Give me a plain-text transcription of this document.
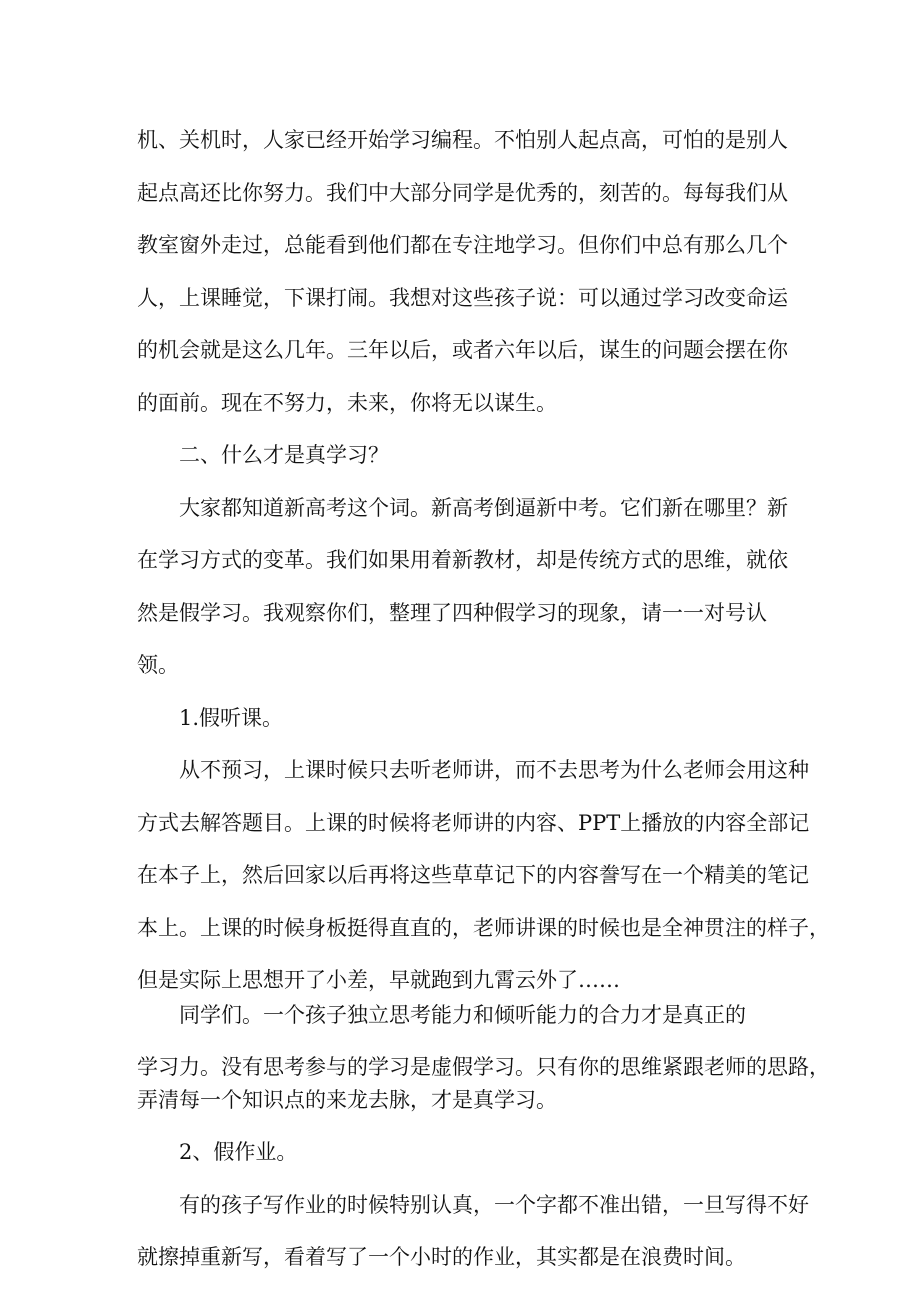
机、关机时，人家已经开始学习编程。不怕别人起点高，可怕的是别人

起点高还比你努力。我们中大部分同学是优秀的，刻苦的。每每我们从

教室窗外走过，总能看到他们都在专注地学习。但你们中总有那么几个

人，上课睡觉，下课打闹。我想对这些孩子说：可以通过学习改变命运

的机会就是这么几年。三年以后，或者六年以后，谋生的问题会摆在你

的面前。现在不努力，未来，你将无以谋生。

二、什么才是真学习？

大家都知道新高考这个词。新高考倒逼新中考。它们新在哪里？新

在学习方式的变革。我们如果用着新教材，却是传统方式的思维，就依

然是假学习。我观察你们，整理了四种假学习的现象，请一一对号认

领。

1.假听课。

从不预习，上课时候只去听老师讲，而不去思考为什么老师会用这种

方式去解答题目。上课的时候将老师讲的内容、PPT上播放的内容全部记

在本子上，然后回家以后再将这些草草记下的内容誊写在一个精美的笔记

本上。上课的时候身板挺得直直的，老师讲课的时候也是全神贯注的样子，

但是实际上思想开了小差，早就跑到九霄云外了……

同学们。一个孩子独立思考能力和倾听能力的合力才是真正的

学习力。没有思考参与的学习是虚假学习。只有你的思维紧跟老师的思路，

弄清每一个知识点的来龙去脉，才是真学习。

2、假作业。

有的孩子写作业的时候特别认真，一个字都不准出错，一旦写得不好

就擦掉重新写，看着写了一个小时的作业，其实都是在浪费时间。
